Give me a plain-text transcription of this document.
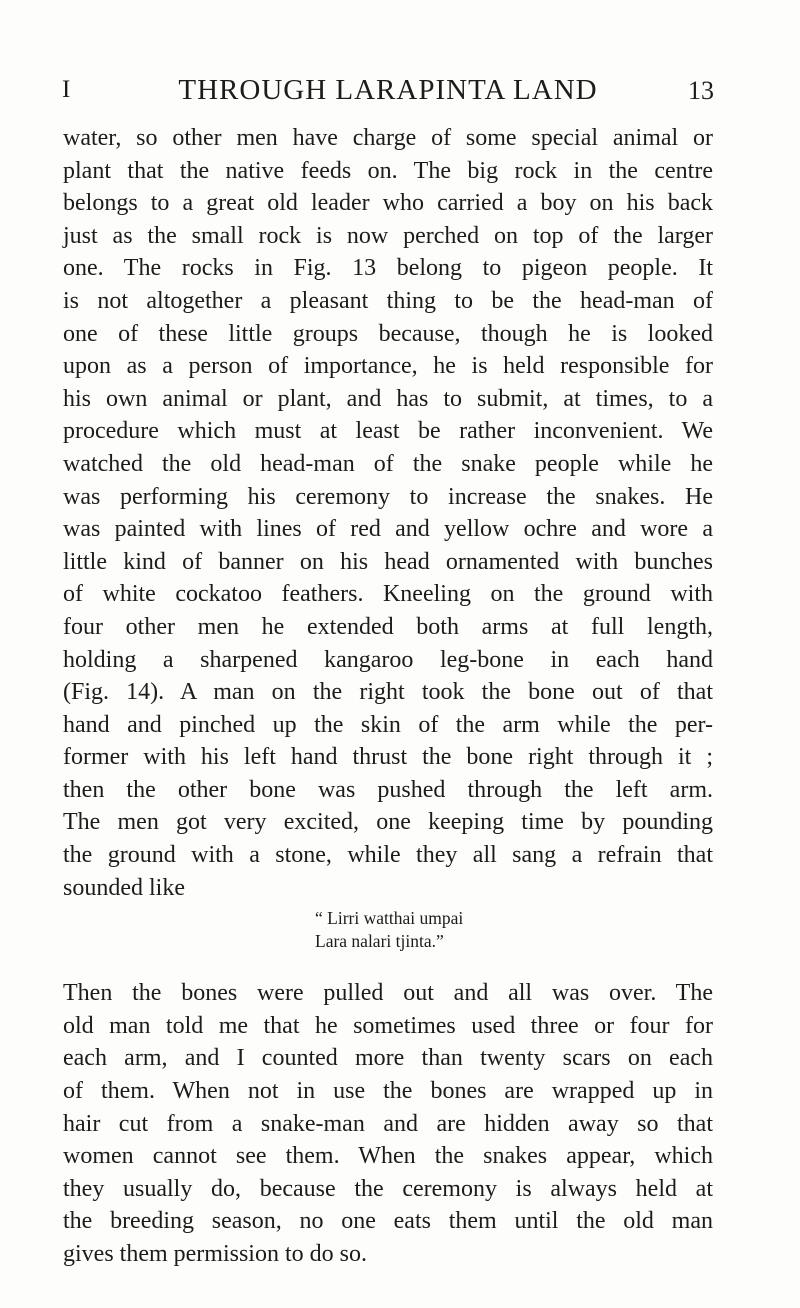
I	THROUGH LARAPINTA LAND	13
water, so other men have charge of some special animal or
plant that the native feeds on. The big rock in the centre
belongs to a great old leader who carried a boy on his back
just as the small rock is now perched on top of the larger
one. The rocks in Fig. 13 belong to pigeon people. It
is not altogether a pleasant thing to be the head-man of
one of these little groups because, though he is looked
upon as a person of importance, he is held responsible for
his own animal or plant, and has to submit, at times, to a
procedure which must at least be rather inconvenient. We
watched the old head-man of the snake people while he
was performing his ceremony to increase the snakes. He
was painted with lines of red and yellow ochre and wore a
little kind of banner on his head ornamented with bunches
of white cockatoo feathers. Kneeling on the ground with
four other men he extended both arms at full length,
holding a sharpened kangaroo leg-bone in each hand
(Fig. 14). A man on the right took the bone out of that
hand and pinched up the skin of the arm while the per-
former with his left hand thrust the bone right through it ;
then the other bone was pushed through the left arm.
The men got very excited, one keeping time by pounding
the ground with a stone, while they all sang a refrain that
sounded like
“ Lirri watthai umpai
Lara nalari tjinta.”
Then the bones were pulled out and all was over. The
old man told me that he sometimes used three or four for
each arm, and I counted more than twenty scars on each
of them. When not in use the bones are wrapped up in
hair cut from a snake-man and are hidden away so that
women cannot see them. When the snakes appear, which
they usually do, because the ceremony is always held at
the breeding season, no one eats them until the old man
gives them permission to do so.
